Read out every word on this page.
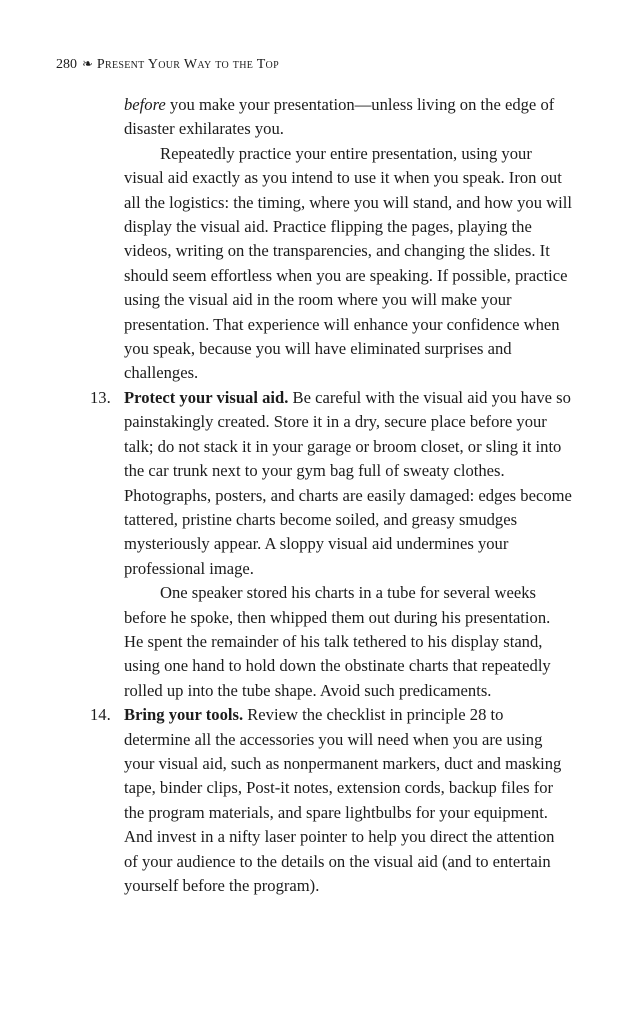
280 ❧ Present Your Way to the Top

before you make your presentation—unless living on the edge of disaster exhilarates you.

Repeatedly practice your entire presentation, using your visual aid exactly as you intend to use it when you speak. Iron out all the logistics: the timing, where you will stand, and how you will display the visual aid. Practice flipping the pages, playing the videos, writing on the transparencies, and changing the slides. It should seem effortless when you are speaking. If possible, practice using the visual aid in the room where you will make your presentation. That experience will enhance your confidence when you speak, because you will have eliminated surprises and challenges.

13. Protect your visual aid. Be careful with the visual aid you have so painstakingly created. Store it in a dry, secure place before your talk; do not stack it in your garage or broom closet, or sling it into the car trunk next to your gym bag full of sweaty clothes. Photographs, posters, and charts are easily damaged: edges become tattered, pristine charts become soiled, and greasy smudges mysteriously appear. A sloppy visual aid undermines your professional image.

One speaker stored his charts in a tube for several weeks before he spoke, then whipped them out during his presentation. He spent the remainder of his talk tethered to his display stand, using one hand to hold down the obstinate charts that repeatedly rolled up into the tube shape. Avoid such predicaments.

14. Bring your tools. Review the checklist in principle 28 to determine all the accessories you will need when you are using your visual aid, such as nonpermanent markers, duct and masking tape, binder clips, Post-it notes, extension cords, backup files for the program materials, and spare lightbulbs for your equipment. And invest in a nifty laser pointer to help you direct the attention of your audience to the details on the visual aid (and to entertain yourself before the program).
